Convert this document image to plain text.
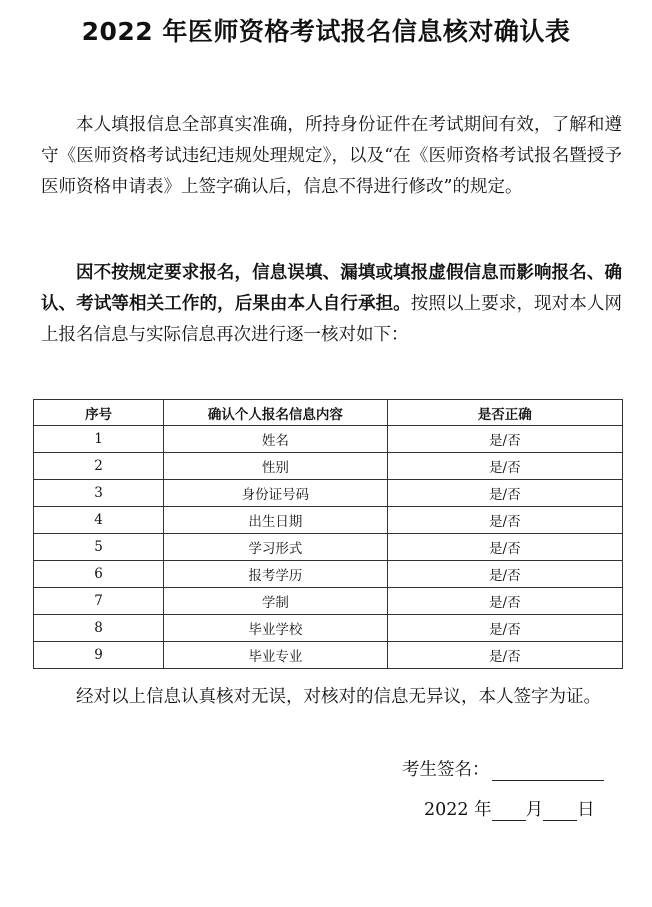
2022 年医师资格考试报名信息核对确认表

本人填报信息全部真实准确，所持身份证件在考试期间有效，了解和遵守《医师资格考试违纪违规处理规定》，以及“在《医师资格考试报名暨授予医师资格申请表》上签字确认后，信息不得进行修改”的规定。

因不按规定要求报名，信息误填、漏填或填报虚假信息而影响报名、确认、考试等相关工作的，后果由本人自行承担。按照以上要求，现对本人网上报名信息与实际信息再次进行逐一核对如下：

序号	确认个人报名信息内容	是否正确
1	姓名	是/否
2	性别	是/否
3	身份证号码	是/否
4	出生日期	是/否
5	学习形式	是/否
6	报考学历	是/否
7	学制	是/否
8	毕业学校	是/否
9	毕业专业	是/否

经对以上信息认真核对无误，对核对的信息无异议，本人签字为证。

考生签名：
2022 年 月 日
